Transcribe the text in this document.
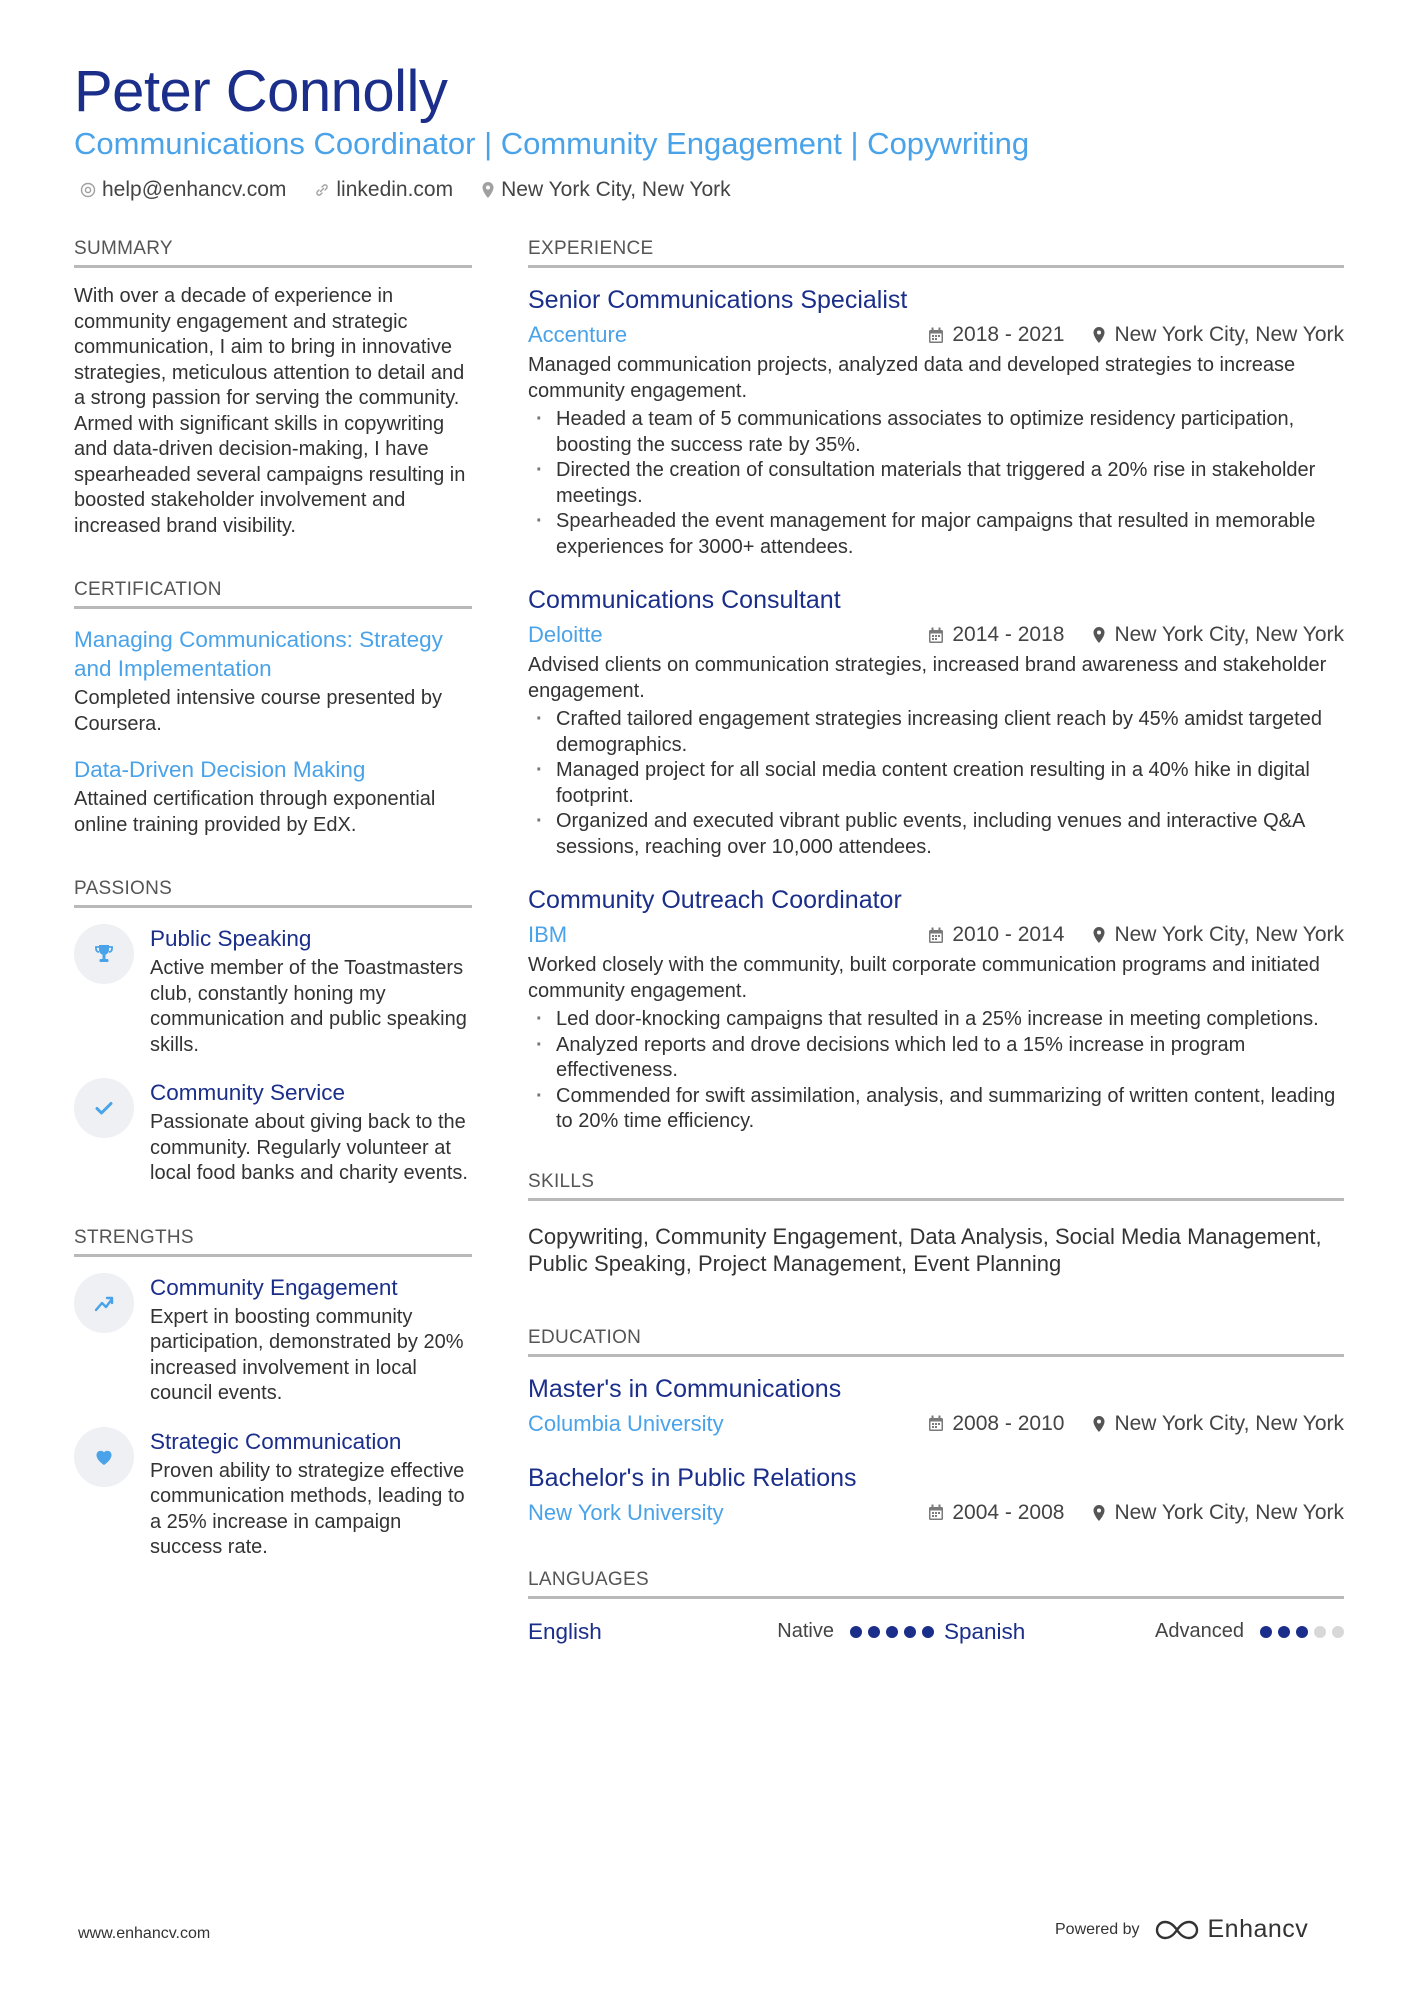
Peter Connolly
Communications Coordinator | Community Engagement | Copywriting
help@enhancv.com linkedin.com New York City, New York
SUMMARY

With over a decade of experience in community engagement and strategic communication, I aim to bring in innovative strategies, meticulous attention to detail and a strong passion for serving the community. Armed with significant skills in copywriting and data-driven decision-making, I have spearheaded several campaigns resulting in boosted stakeholder involvement and increased brand visibility.

CERTIFICATION
Managing Communications: Strategy and Implementation
Completed intensive course presented by Coursera.
Data-Driven Decision Making
Attained certification through exponential online training provided by EdX.
PASSIONS
Public Speaking
Active member of the Toastmasters club, constantly honing my communication and public speaking skills.
Community Service
Passionate about giving back to the community. Regularly volunteer at local food banks and charity events.
STRENGTHS
Community Engagement
Expert in boosting community participation, demonstrated by 20% increased involvement in local council events.
Strategic Communication
Proven ability to strategize effective communication methods, leading to a 25% increase in campaign success rate.
EXPERIENCE
Senior Communications Specialist
Accenture	2018 - 2021 New York City, New York
Managed communication projects, analyzed data and developed strategies to increase community engagement.
· Headed a team of 5 communications associates to optimize residency participation, boosting the success rate by 35%.
· Directed the creation of consultation materials that triggered a 20% rise in stakeholder meetings.
· Spearheaded the event management for major campaigns that resulted in memorable experiences for 3000+ attendees.
Communications Consultant
Deloitte	2014 - 2018 New York City, New York
Advised clients on communication strategies, increased brand awareness and stakeholder engagement.
· Crafted tailored engagement strategies increasing client reach by 45% amidst targeted demographics.
· Managed project for all social media content creation resulting in a 40% hike in digital footprint.
· Organized and executed vibrant public events, including venues and interactive Q&A sessions, reaching over 10,000 attendees.
Community Outreach Coordinator
IBM	2010 - 2014 New York City, New York
Worked closely with the community, built corporate communication programs and initiated community engagement.
· Led door-knocking campaigns that resulted in a 25% increase in meeting completions.
· Analyzed reports and drove decisions which led to a 15% increase in program effectiveness.
· Commended for swift assimilation, analysis, and summarizing of written content, leading to 20% time efficiency.
SKILLS
Copywriting, Community Engagement, Data Analysis, Social Media Management, Public Speaking, Project Management, Event Planning
EDUCATION
Master's in Communications
Columbia University	2008 - 2010 New York City, New York
Bachelor's in Public Relations
New York University	2004 - 2008 New York City, New York
LANGUAGES
English	Native	Spanish	Advanced
www.enhancv.com	Powered by	Enhancv
